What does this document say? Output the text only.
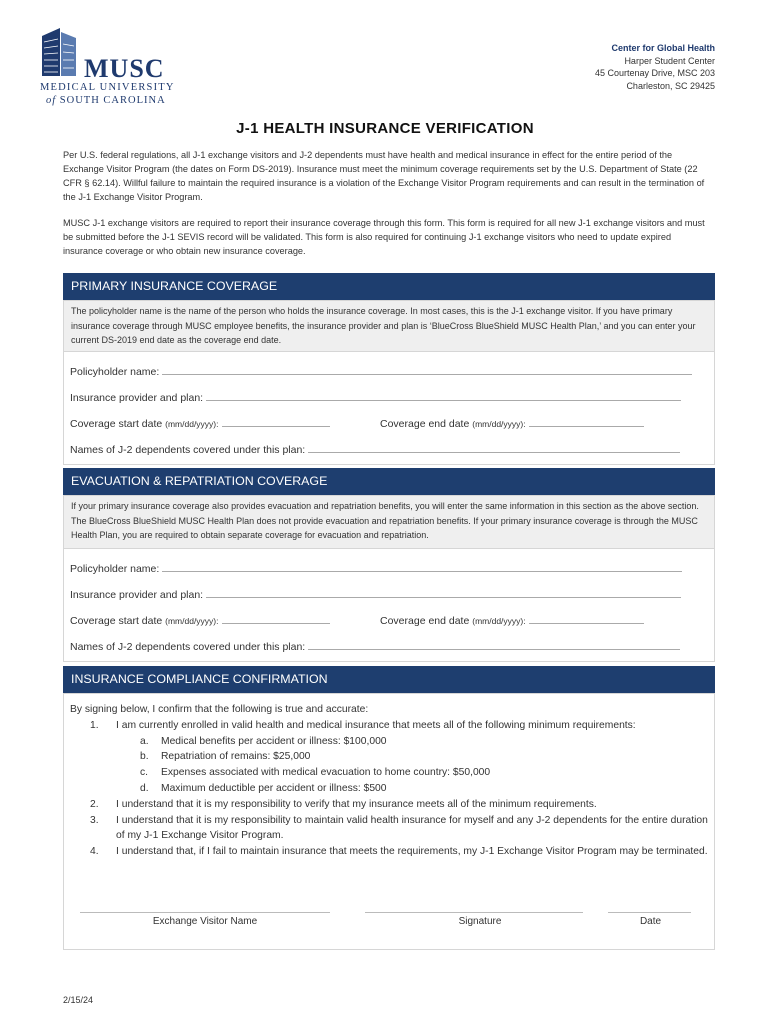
MUSC
MEDICAL UNIVERSITY
of SOUTH CAROLINA
Center for Global Health
Harper Student Center
45 Courtenay Drive, MSC 203
Charleston, SC 29425
J-1 HEALTH INSURANCE VERIFICATION
Per U.S. federal regulations, all J-1 exchange visitors and J-2 dependents must have health and medical insurance in effect for the entire period of the Exchange Visitor Program (the dates on Form DS-2019). Insurance must meet the minimum coverage requirements set by the U.S. Department of State (22 CFR § 62.14). Willful failure to maintain the required insurance is a violation of the Exchange Visitor Program requirements and can result in the termination of the J-1 Exchange Visitor Program.
MUSC J-1 exchange visitors are required to report their insurance coverage through this form. This form is required for all new J-1 exchange visitors and must be submitted before the J-1 SEVIS record will be validated. This form is also required for continuing J-1 exchange visitors who need to update expired insurance coverage or who obtain new insurance coverage.
PRIMARY INSURANCE COVERAGE
The policyholder name is the name of the person who holds the insurance coverage. In most cases, this is the J-1 exchange visitor. If you have primary insurance coverage through MUSC employee benefits, the insurance provider and plan is ‘BlueCross BlueShield MUSC Health Plan,’ and you can enter your current DS-2019 end date as the coverage end date.
Policyholder name:
Insurance provider and plan:
Coverage start date (mm/dd/yyyy):	Coverage end date (mm/dd/yyyy):
Names of J-2 dependents covered under this plan:
EVACUATION & REPATRIATION COVERAGE
If your primary insurance coverage also provides evacuation and repatriation benefits, you will enter the same information in this section as the above section. The BlueCross BlueShield MUSC Health Plan does not provide evacuation and repatriation benefits. If your primary insurance coverage is through the MUSC Health Plan, you are required to obtain separate coverage for evacuation and repatriation.
Policyholder name:
Insurance provider and plan:
Coverage start date (mm/dd/yyyy):	Coverage end date (mm/dd/yyyy):
Names of J-2 dependents covered under this plan:
INSURANCE COMPLIANCE CONFIRMATION
By signing below, I confirm that the following is true and accurate:
1.	I am currently enrolled in valid health and medical insurance that meets all of the following minimum requirements:
a. Medical benefits per accident or illness: $100,000
b. Repatriation of remains: $25,000
c. Expenses associated with medical evacuation to home country: $50,000
d. Maximum deductible per accident or illness: $500
2.	I understand that it is my responsibility to verify that my insurance meets all of the minimum requirements.
3.	I understand that it is my responsibility to maintain valid health insurance for myself and any J-2 dependents for the entire duration of my J-1 Exchange Visitor Program.
4.	I understand that, if I fail to maintain insurance that meets the requirements, my J-1 Exchange Visitor Program may be terminated.
Exchange Visitor Name	Signature	Date
2/15/24
